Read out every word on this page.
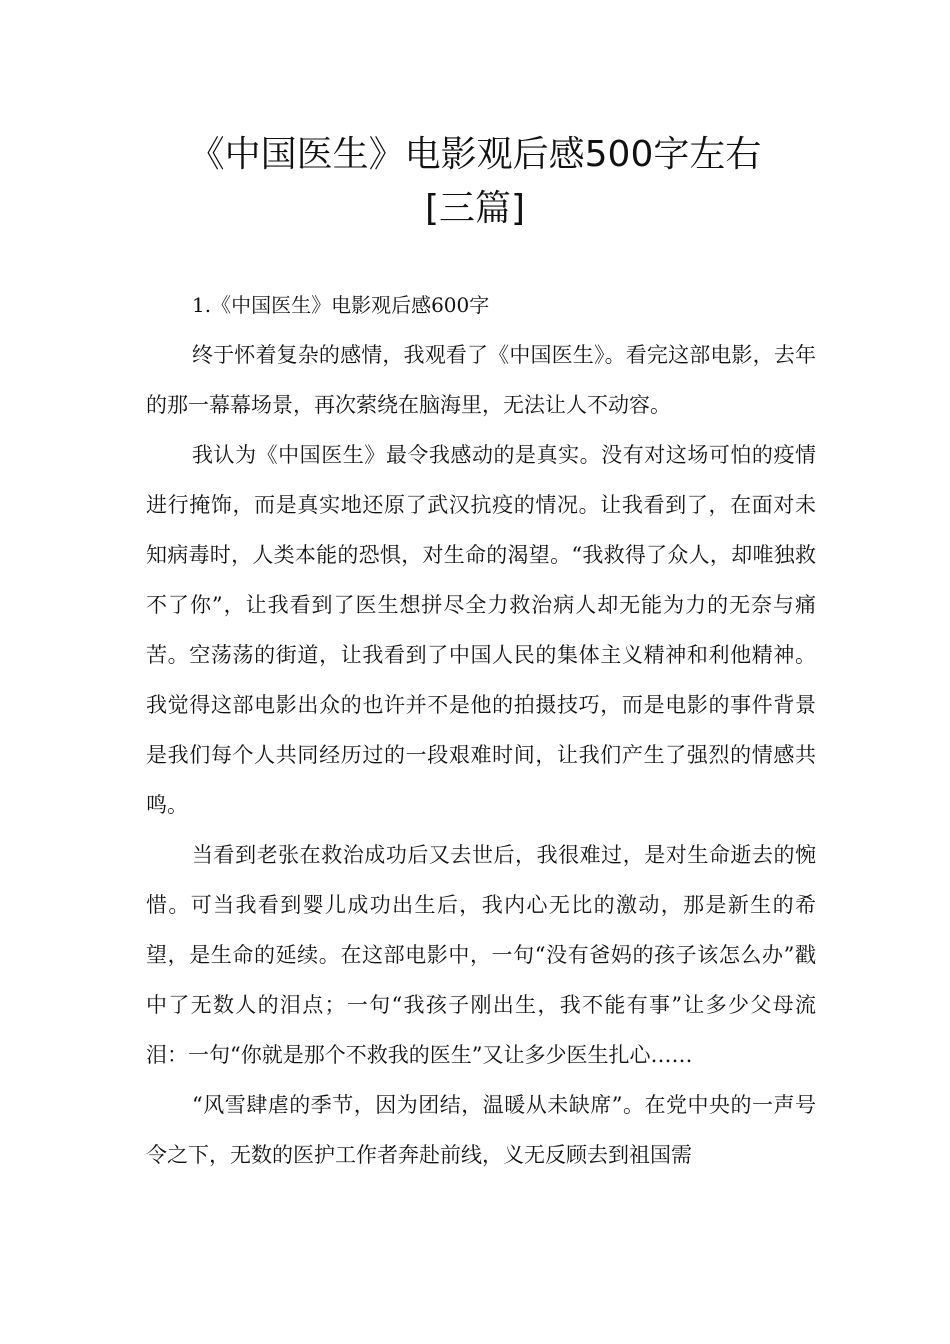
《中国医生》电影观后感500字左右
[三篇]
1.《中国医生》电影观后感600字

终于怀着复杂的感情，我观看了《中国医生》。看完这部电影，去年的那一幕幕场景，再次萦绕在脑海里，无法让人不动容。

我认为《中国医生》最令我感动的是真实。没有对这场可怕的疫情进行掩饰，而是真实地还原了武汉抗疫的情况。让我看到了，在面对未知病毒时，人类本能的恐惧，对生命的渴望。“我救得了众人，却唯独救不了你”，让我看到了医生想拼尽全力救治病人却无能为力的无奈与痛苦。空荡荡的街道，让我看到了中国人民的集体主义精神和利他精神。我觉得这部电影出众的也许并不是他的拍摄技巧，而是电影的事件背景是我们每个人共同经历过的一段艰难时间，让我们产生了强烈的情感共鸣。

当看到老张在救治成功后又去世后，我很难过，是对生命逝去的惋惜。可当我看到婴儿成功出生后，我内心无比的激动，那是新生的希望，是生命的延续。在这部电影中，一句“没有爸妈的孩子该怎么办”戳中了无数人的泪点；一句“我孩子刚出生，我不能有事”让多少父母流泪：一句“你就是那个不救我的医生”又让多少医生扎心……

“风雪肆虐的季节，因为团结，温暖从未缺席”。在党中央的一声号令之下，无数的医护工作者奔赴前线，义无反顾去到祖国需
